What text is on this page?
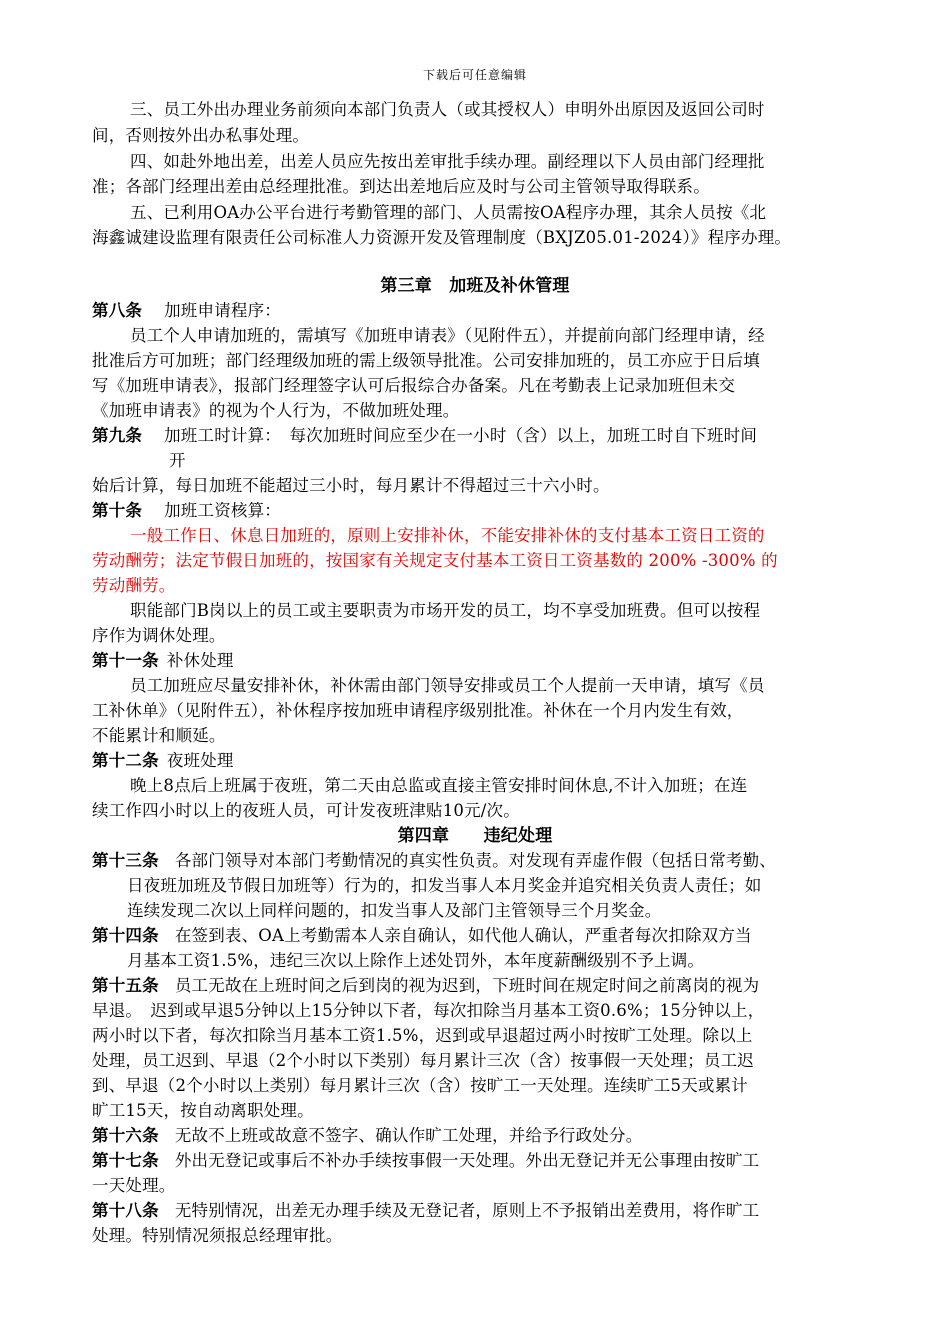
下载后可任意编辑
三、员工外出办理业务前须向本部门负责人（或其授权人）申明外出原因及返回公司时
间，否则按外出办私事处理。
四、如赴外地出差，出差人员应先按出差审批手续办理。副经理以下人员由部门经理批
准；各部门经理出差由总经理批准。到达出差地后应及时与公司主管领导取得联系。
五、已利用OA办公平台进行考勤管理的部门、人员需按OA程序办理，其余人员按《北
海鑫诚建设监理有限责任公司标准人力资源开发及管理制度（BXJZ05.01-2024）》程序办理。
第三章　加班及补休管理
第八条 加班申请程序：
员工个人申请加班的，需填写《加班申请表》（见附件五），并提前向部门经理申请，经
批准后方可加班；部门经理级加班的需上级领导批准。公司安排加班的，员工亦应于日后填
写《加班申请表》，报部门经理签字认可后报综合办备案。凡在考勤表上记录加班但未交
《加班申请表》的视为个人行为，不做加班处理。
第九条 加班工时计算：　每次加班时间应至少在一小时（含）以上，加班工时自下班时间
开
始后计算，每日加班不能超过三小时，每月累计不得超过三十六小时。
第十条 加班工资核算：
一般工作日、休息日加班的，原则上安排补休，不能安排补休的支付基本工资日工资的
劳动酬劳；法定节假日加班的，按国家有关规定支付基本工资日工资基数的 200% -300% 的
劳动酬劳。
职能部门B岗以上的员工或主要职责为市场开发的员工，均不享受加班费。但可以按程
序作为调休处理。
第十一条 补休处理
员工加班应尽量安排补休，补休需由部门领导安排或员工个人提前一天申请，填写《员
工补休单》（见附件五），补休程序按加班申请程序级别批准。补休在一个月内发生有效，
不能累计和顺延。
第十二条 夜班处理
晚上8点后上班属于夜班，第二天由总监或直接主管安排时间休息,不计入加班；在连
续工作四小时以上的夜班人员，可计发夜班津贴10元/次。
第四章　　违纪处理
第十三条 各部门领导对本部门考勤情况的真实性负责。对发现有弄虚作假（包括日常考勤、
日夜班加班及节假日加班等）行为的，扣发当事人本月奖金并追究相关负责人责任；如
连续发现二次以上同样问题的，扣发当事人及部门主管领导三个月奖金。
第十四条 在签到表、OA上考勤需本人亲自确认，如代他人确认，严重者每次扣除双方当
月基本工资1.5%，违纪三次以上除作上述处罚外，本年度薪酬级别不予上调。
第十五条 员工无故在上班时间之后到岗的视为迟到，下班时间在规定时间之前离岗的视为
早退。　迟到或早退5分钟以上15分钟以下者，每次扣除当月基本工资0.6%；15分钟以上，
两小时以下者，每次扣除当月基本工资1.5%，迟到或早退超过两小时按旷工处理。除以上
处理，员工迟到、早退（2个小时以下类别）每月累计三次（含）按事假一天处理；员工迟
到、早退（2个小时以上类别）每月累计三次（含）按旷工一天处理。连续旷工5天或累计
旷工15天，按自动离职处理。
第十六条 无故不上班或故意不签字、确认作旷工处理，并给予行政处分。
第十七条 外出无登记或事后不补办手续按事假一天处理。外出无登记并无公事理由按旷工
一天处理。
第十八条 无特别情况，出差无办理手续及无登记者，原则上不予报销出差费用，将作旷工
处理。特别情况须报总经理审批。
